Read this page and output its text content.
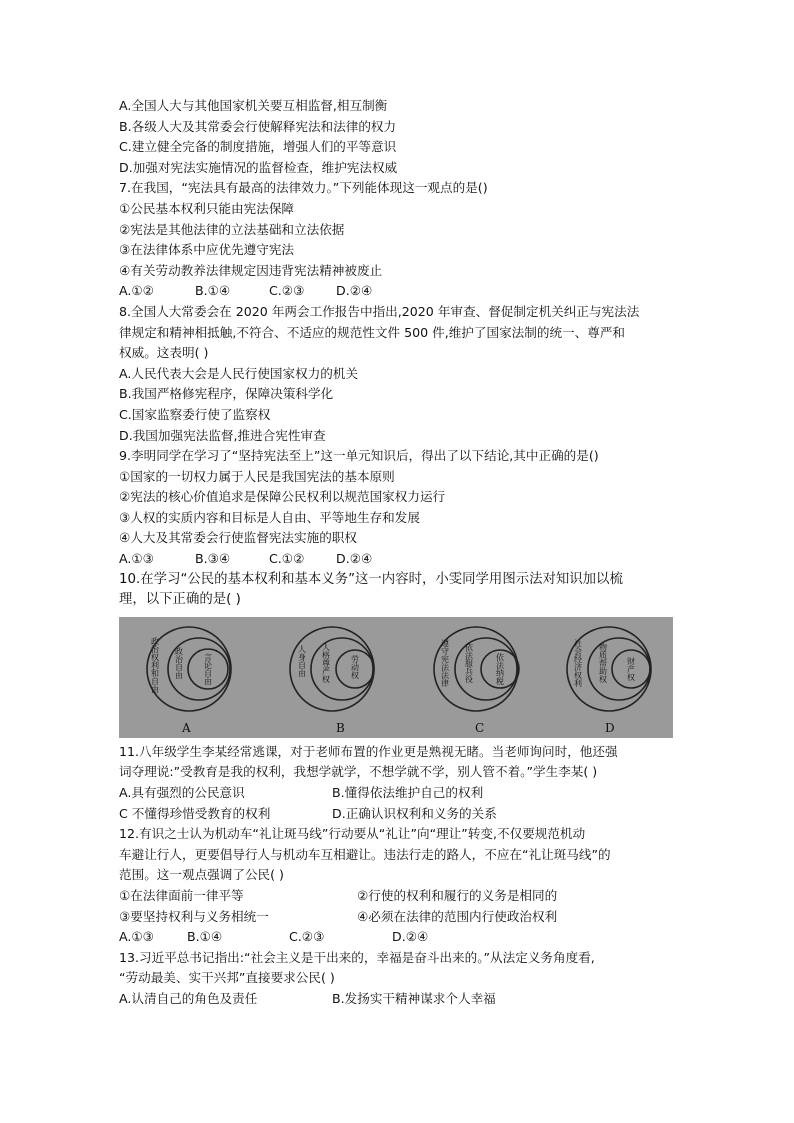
A.全国人大与其他国家机关要互相监督,相互制衡
B.各级人大及其常委会行使解释宪法和法律的权力
C.建立健全完备的制度措施，增强人们的平等意识
D.加强对宪法实施情况的监督检查，维护宪法权威
7.在我国，“宪法具有最高的法律效力。”下列能体现这一观点的是()
①公民基本权利只能由宪法保障
②宪法是其他法律的立法基础和立法依据
③在法律体系中应优先遵守宪法
④有关劳动教养法律规定因违背宪法精神被废止
A.①②	B.①④	C.②③	D.②④
8.全国人大常委会在 2020 年两会工作报告中指出,2020 年审查、督促制定机关纠正与宪法法
律规定和精神相抵触,不符合、不适应的规范性文件 500 件,维护了国家法制的统一、尊严和
权威。这表明( )
A.人民代表大会是人民行使国家权力的机关
B.我国严格修宪程序，保障决策科学化
C.国家监察委行使了监察权
D.我国加强宪法监督,推进合宪性审查
9.李明同学在学习了“坚持宪法至上”这一单元知识后，得出了以下结论,其中正确的是()
①国家的一切权力属于人民是我国宪法的基本原则
②宪法的核心价值追求是保障公民权利以规范国家权力运行
③人权的实质内容和目标是人自由、平等地生存和发展
④人大及其常委会行使监督宪法实施的职权
A.①③	B.③④	C.①②	D.②④
10.在学习“公民的基本权利和基本义务”这一内容时，小雯同学用图示法对知识加以梳
理，以下正确的是( )
政治权利和自由 政治自由	言论自由
A
人身自由 人格尊严权	劳动权
B
遵守宪法法律 依法服兵役	依法纳税
C
社会经济权利 物质帮助权 财产权
D
11.八年级学生李某经常逃课，对于老师布置的作业更是熟视无睹。当老师询问时，他还强
词夺理说:”受教育是我的权利，我想学就学，不想学就不学，别人管不着。”学生李某( )
A.具有强烈的公民意识	B.懂得依法维护自己的权利
C 不懂得珍惜受教育的权利	D.正确认识权利和义务的关系
12.有识之士认为机动车“礼让斑马线”行动要从“礼让”向“理让”转变,不仅要规范机动
车避让行人，更要倡导行人与机动车互相避让。违法行走的路人，不应在“礼让斑马线”的
范围。这一观点强调了公民( )
①在法律面前一律平等	②行使的权利和履行的义务是相同的
③要坚持权利与义务相统一	④必须在法律的范围内行使政治权利
A.①③	B.①④	C.②③	D.②④
13.习近平总书记指出:“社会主义是干出来的，幸福是奋斗出来的。”从法定义务角度看,
“劳动最美、实干兴邦”直接要求公民( )
A.认清自己的角色及责任	B.发扬实干精神谋求个人幸福
